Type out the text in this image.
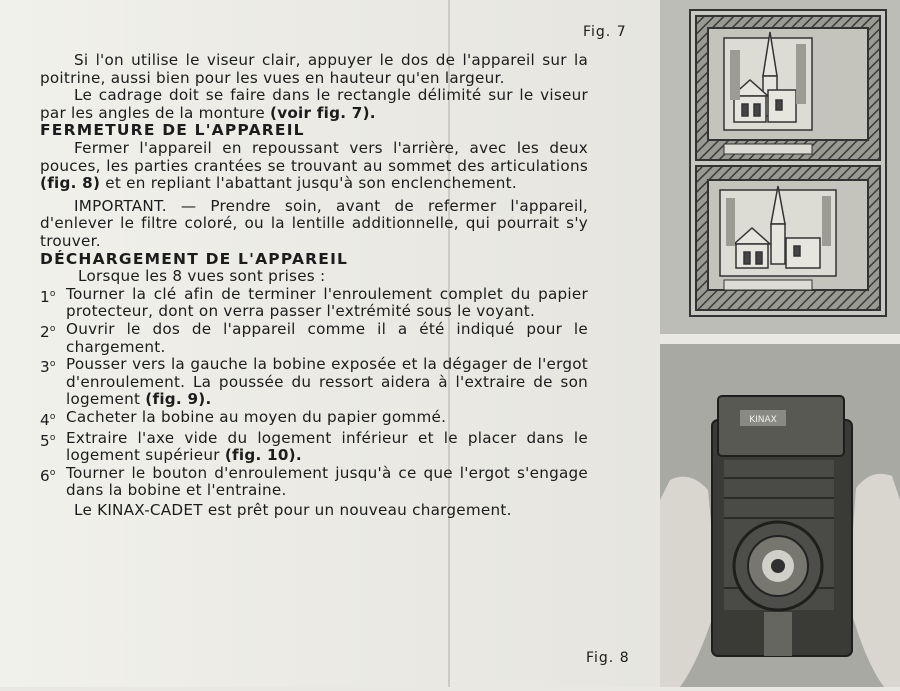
Fig. 7
Fig. 8

Si l'on utilise le viseur clair, appuyer le dos de l'appareil sur la poitrine, aussi bien pour les vues en hauteur qu'en largeur.

Le cadrage doit se faire dans le rectangle délimité sur le viseur par les angles de la monture (voir fig. 7).

FERMETURE DE L'APPAREIL

Fermer l'appareil en repoussant vers l'arrière, avec les deux pouces, les parties crantées se trouvant au sommet des articulations (fig. 8) et en repliant l'abattant jusqu'à son enclenchement.

IMPORTANT. — Prendre soin, avant de refermer l'appareil, d'enlever le filtre coloré, ou la lentille additionnelle, qui pourrait s'y trouver.

DÉCHARGEMENT DE L'APPAREIL

Lorsque les 8 vues sont prises :

1$^o$ Tourner la clé afin de terminer l'enroulement complet du papier protecteur, dont on verra passer l'extrémité sous le voyant.
2$^o$ Ouvrir le dos de l'appareil comme il a été indiqué pour le chargement.
3$^o$ Pousser vers la gauche la bobine exposée et la dégager de l'ergot d'enroulement. La poussée du ressort aidera à l'extraire de son logement (fig. 9).
4$^o$ Cacheter la bobine au moyen du papier gommé.
5$^o$ Extraire l'axe vide du logement inférieur et le placer dans le logement supérieur (fig. 10).
6$^o$ Tourner le bouton d'enroulement jusqu'à ce que l'ergot s'engage dans la bobine et l'entraine.

Le KINAX-CADET est prêt pour un nouveau chargement.

KINAX
